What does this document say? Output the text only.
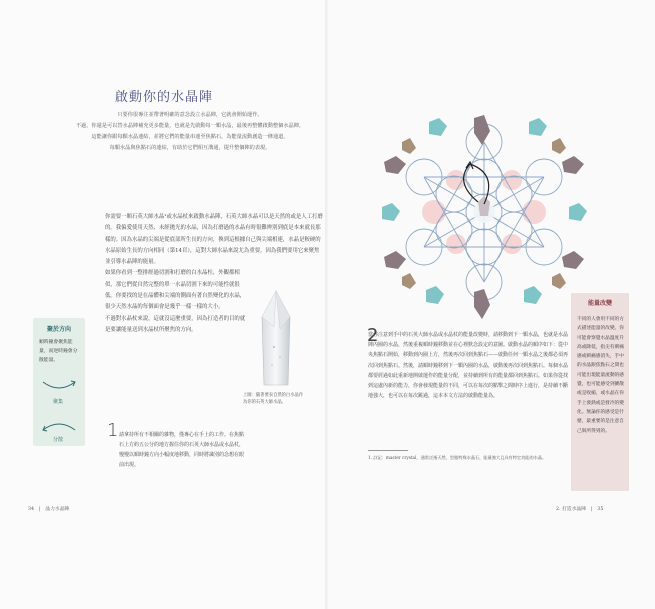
啟動你的水晶陣
只要你很專注並帶著明確的意念設立水晶陣，它就會開始運作。
不過，你還是可以替水晶陣補充更多能量，也就是先啟動每一顆水晶，最後再整體啟動整個水晶陣。
這能讓你跟每顆水晶連結，並將它們的能量串連至焦點石，為能量流動創造一條通道。
每顆水晶與焦點石的連結，有助於它們相互溝通，提升整個陣的表現。

你需要一顆石英大師水晶¹或水晶杖來啟動水晶陣，石英大師水晶可以是天然的或是人工打磨的。我偏愛使用天然、未經拋光的水晶，因為打磨過的水晶有時很難辨別到底是本來就長那樣的。因為水晶的尖端是從底部所生長的方向，換到這根據自己與尖端相連，水晶是較硬的水晶原始生長的方向相同（第14頁），這對大師水晶來說尤為重要，因為我們要用它來聚焦並引導水晶陣的能量。

如果你看到一整排經過切割和打磨的白水晶柱，外觀都相似，那它們從自然完整的單一水晶切割下來的可能性就很低。你要找的是在晶體和尖端的側面有著自然變化的水晶，很少天然水晶的每個面會是幾乎一樣一樣的大小。

不過對水晶杖來說，這就沒這麼重要，因為打造者的目的就是要讓能量送到水晶杖所聚焦的方向。

聚於方向
順時鐘會聚焦能量，而逆時鐘會分散能量。
聚集
分散
上圖：隨著要表自然的白水晶作為你的石英大師水晶。
1 請拿持所有不相關的雜物，僅專心在手上的工作。在焦點石上方約五公分的地方握住你的石英大師水晶或水晶杖，慢慢以順時鐘方向小幅度地移動，同時將識別的念想在眼前出現。
34　|　晶力水晶陣
2
當你注意到手中的石英大師水晶或水晶杖的能量改變時，請移動到下一顆水晶，也就是水晶陣內圈的水晶，然後重複順時鐘移動並在心裡默念設定的意圖。啟動水晶的順序如下：從中央焦點石開始，移動到內圈上方，然後再次回到焦點石——啟動任何一顆水晶之後都必須再次回到焦點石。然後，請順時鐘移到下一顆內圈的水晶，啟動後再次回到焦點石。每個水晶都要經過如此重新地開啟運作的能量分配，並持續到所有的能量都回到焦點石。如果你從找到這處內新的能力，你會發現能量的不同，可以在每次的點擊之間時序上進行，是持續不斷地強大，也可以在每次跳過，這本本文方法的啟動能量為。
能量改變
不同的人會用不同的方式描述能量的改變。你可能會察覺水晶溫度升高或降低，指尖有刺痛感或刺痛感消失，手中的水晶跟焦點石之間也可能出現能量流動的感覺，也可能感受到擴散或是收縮，或水晶在你手上發熱或是發冷的變化。無論你的感受是什麼，最重要的是注意自己與所得到的。
1. 註記：master crystal，通常泛指天然、型態特殊水晶石，能量強大且具有特定功能的水晶。
2. 打造水晶陣　|　35
